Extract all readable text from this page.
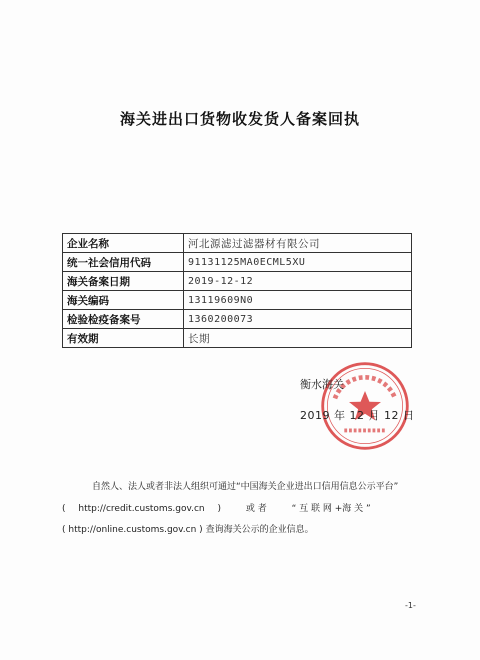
海关进出口货物收发货人备案回执
企业名称	河北源滤过滤器材有限公司
统一社会信用代码	91131125MA0ECML5XU
海关备案日期	2019-12-12
海关编码	13119609N0
检验检疫备案号	1360200073
有效期	长期
衡水海关
2019 年 12 月 12 日
自然人、法人或者非法人组织可通过“中国海关企业进出口信用信息公示平台”
( http://credit.customs.gov.cn )	或 者	“ 互 联 网 +海 关 ”
( http://online.customs.gov.cn ) 查询海关公示的企业信息。
-1-
